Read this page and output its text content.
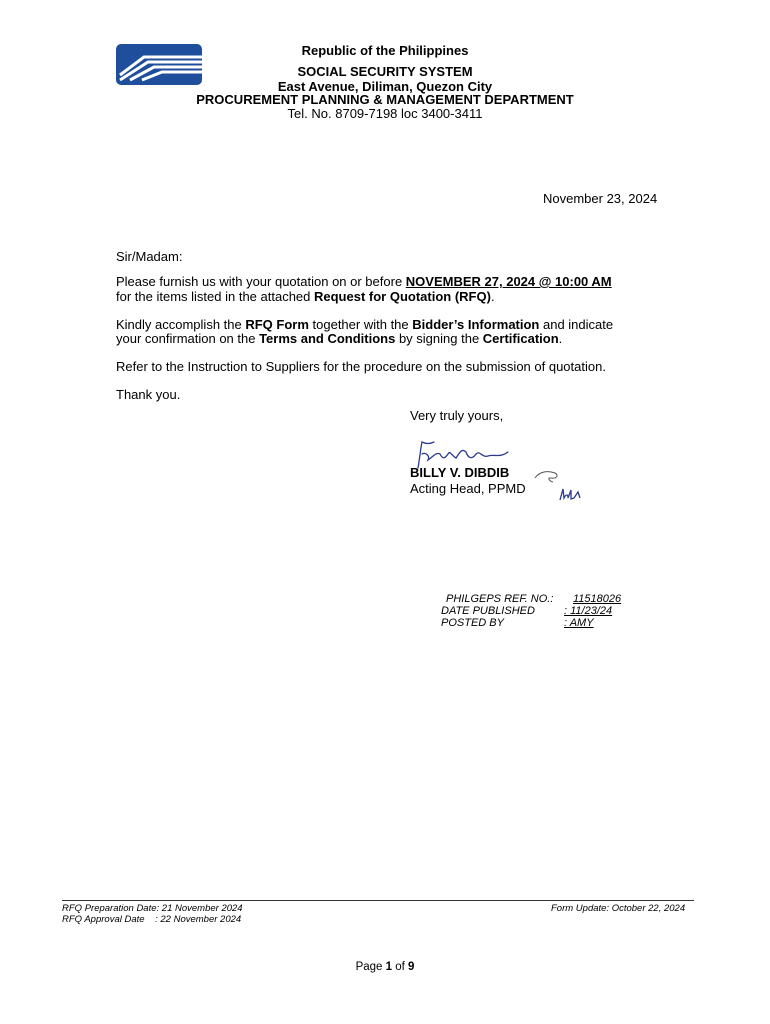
Republic of the Philippines
SOCIAL SECURITY SYSTEM
East Avenue, Diliman, Quezon City
PROCUREMENT PLANNING & MANAGEMENT DEPARTMENT
Tel. No. 8709-7198 loc 3400-3411
November 23, 2024
Sir/Madam:
Please furnish us with your quotation on or before NOVEMBER 27, 2024 @ 10:00 AM
for the items listed in the attached Request for Quotation (RFQ).
Kindly accomplish the RFQ Form together with the Bidder’s Information and indicate
your confirmation on the Terms and Conditions by signing the Certification.
Refer to the Instruction to Suppliers for the procedure on the submission of quotation.
Thank you.
Very truly yours,
BILLY V. DIBDIB
Acting Head, PPMD
PHILGEPS REF. NO.: 11518026
DATE PUBLISHED	: 11/23/24
POSTED BY	: AMY
RFQ Preparation Date: 21 November 2024
RFQ Approval Date    : 22 November 2024
Form Update: October 22, 2024
Page 1 of 9
